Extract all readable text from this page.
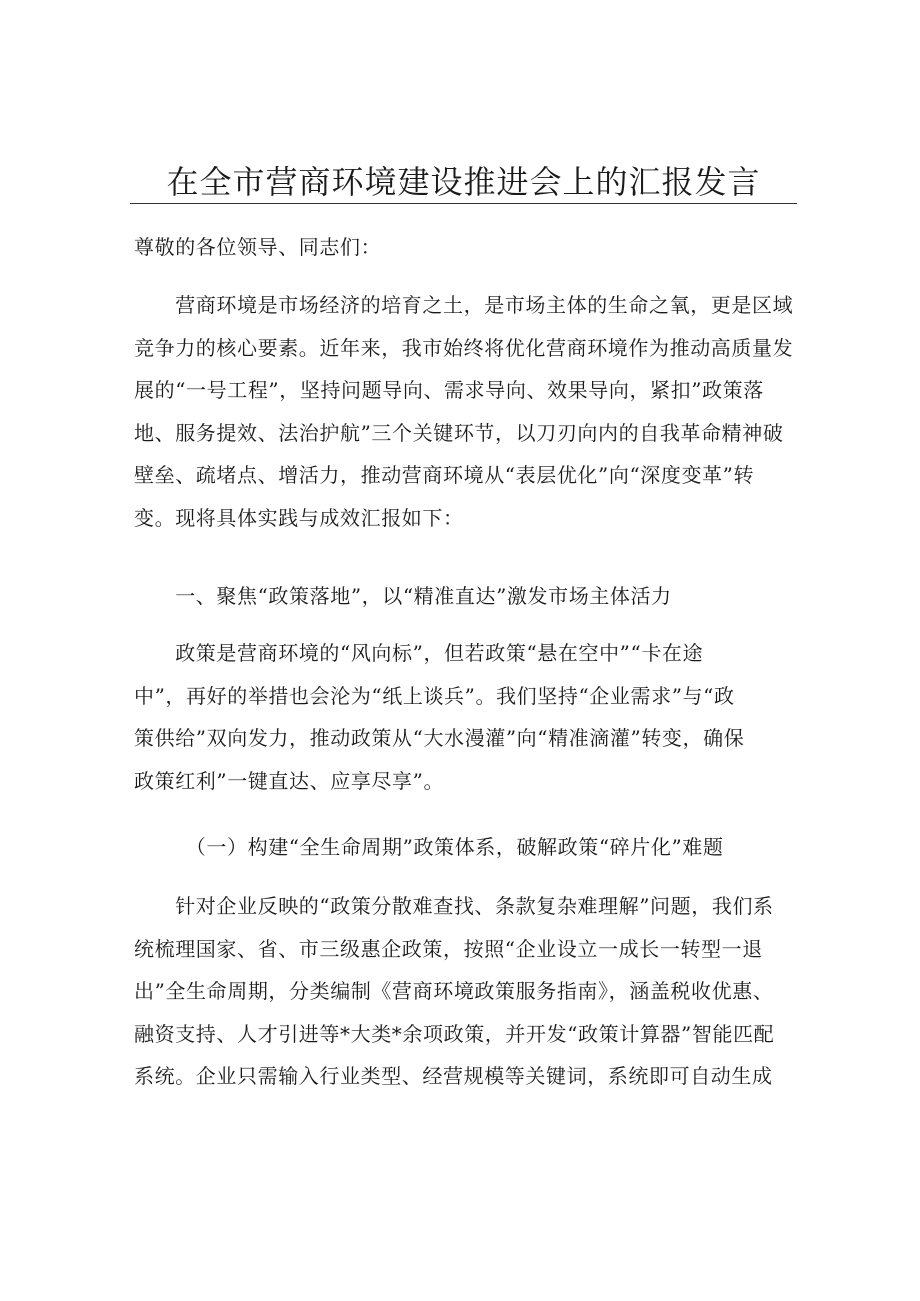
在全市营商环境建设推进会上的汇报发言
尊敬的各位领导、同志们：
　　营商环境是市场经济的培育之土，是市场主体的生命之氧，更是区域
竞争力的核心要素。近年来，我市始终将优化营商环境作为推动高质量发
展的“一号工程”，坚持问题导向、需求导向、效果导向，紧扣”政策落
地、服务提效、法治护航”三个关键环节，以刀刃向内的自我革命精神破
壁垒、疏堵点、增活力，推动营商环境从“表层优化”向“深度变革”转
变。现将具体实践与成效汇报如下：
　　一、聚焦“政策落地”，以“精准直达”激发市场主体活力
　　政策是营商环境的“风向标”，但若政策“悬在空中”“卡在途
中”，再好的举措也会沦为“纸上谈兵”。我们坚持“企业需求”与“政
策供给”双向发力，推动政策从“大水漫灌”向“精准滴灌”转变，确保
政策红利”一键直达、应享尽享”。
　　　（一）构建“全生命周期”政策体系，破解政策“碎片化”难题
　　针对企业反映的“政策分散难查找、条款复杂难理解”问题，我们系
统梳理国家、省、市三级惠企政策，按照“企业设立一成长一转型一退
出”全生命周期，分类编制《营商环境政策服务指南》，涵盖税收优惠、
融资支持、人才引进等*大类*余项政策，并开发“政策计算器”智能匹配
系统。企业只需输入行业类型、经营规模等关键词，系统即可自动生成
